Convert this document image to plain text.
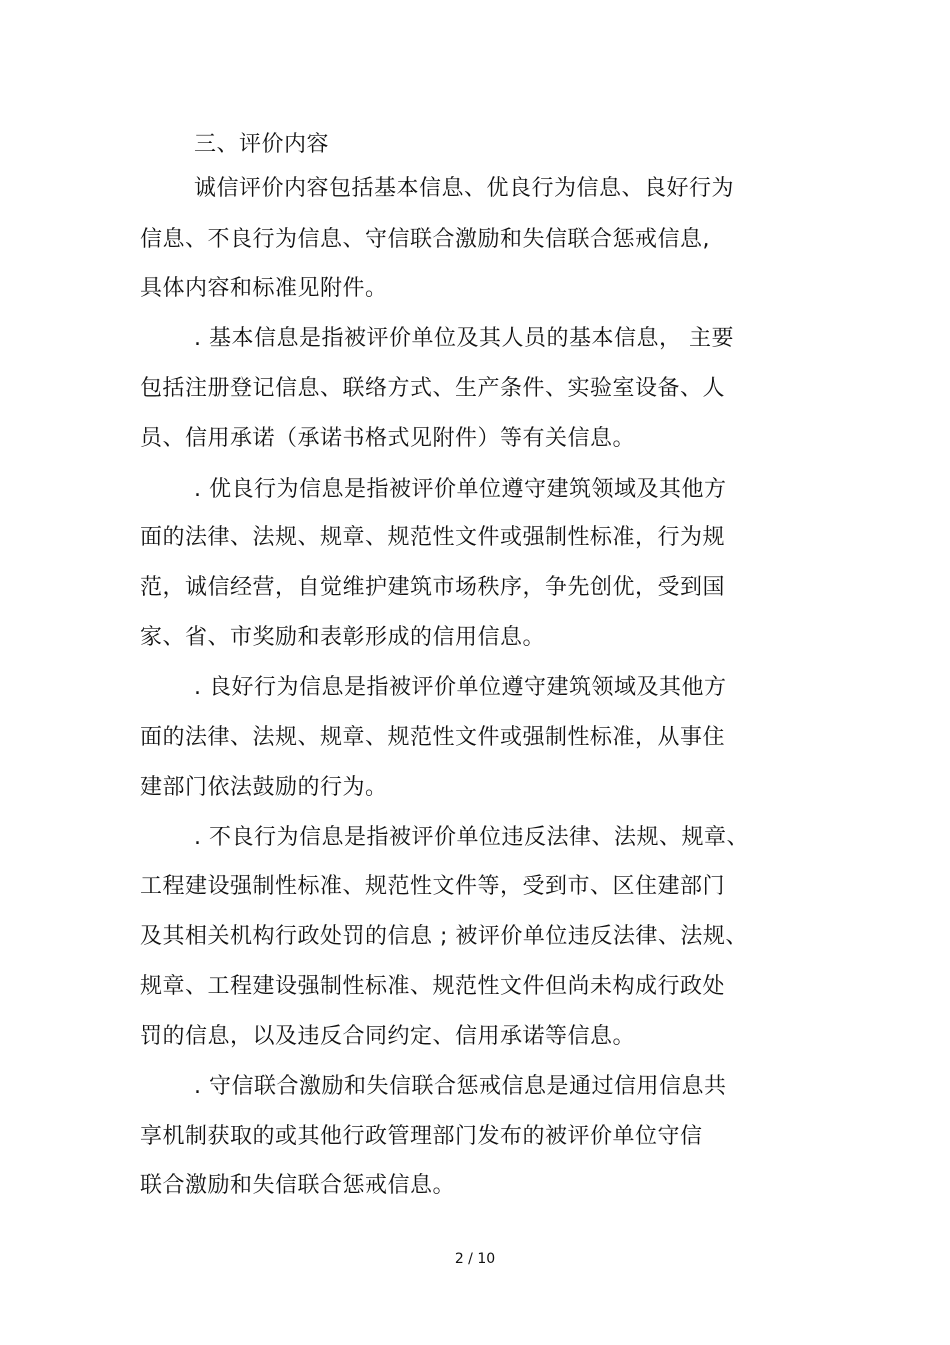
三、评价内容
诚信评价内容包括基本信息、优良行为信息、良好行为
信息、不良行为信息、守信联合激励和失信联合惩戒信息,
具体内容和标准见附件。
. 基本信息是指被评价单位及其人员的基本信息， 主要
包括注册登记信息、联络方式、生产条件、实验室设备、人
员、信用承诺（承诺书格式见附件）等有关信息。
. 优良行为信息是指被评价单位遵守建筑领域及其他方
面的法律、法规、规章、规范性文件或强制性标准，行为规
范，诚信经营，自觉维护建筑市场秩序，争先创优，受到国
家、省、市奖励和表彰形成的信用信息。
. 良好行为信息是指被评价单位遵守建筑领域及其他方
面的法律、法规、规章、规范性文件或强制性标准，从事住
建部门依法鼓励的行为。
. 不良行为信息是指被评价单位违反法律、法规、规章、
工程建设强制性标准、规范性文件等，受到市、区住建部门
及其相关机构行政处罚的信息 ; 被评价单位违反法律、法规、
规章、工程建设强制性标准、规范性文件但尚未构成行政处
罚的信息，以及违反合同约定、信用承诺等信息。
. 守信联合激励和失信联合惩戒信息是通过信用信息共
享机制获取的或其他行政管理部门发布的被评价单位守信
联合激励和失信联合惩戒信息。
2 / 10
